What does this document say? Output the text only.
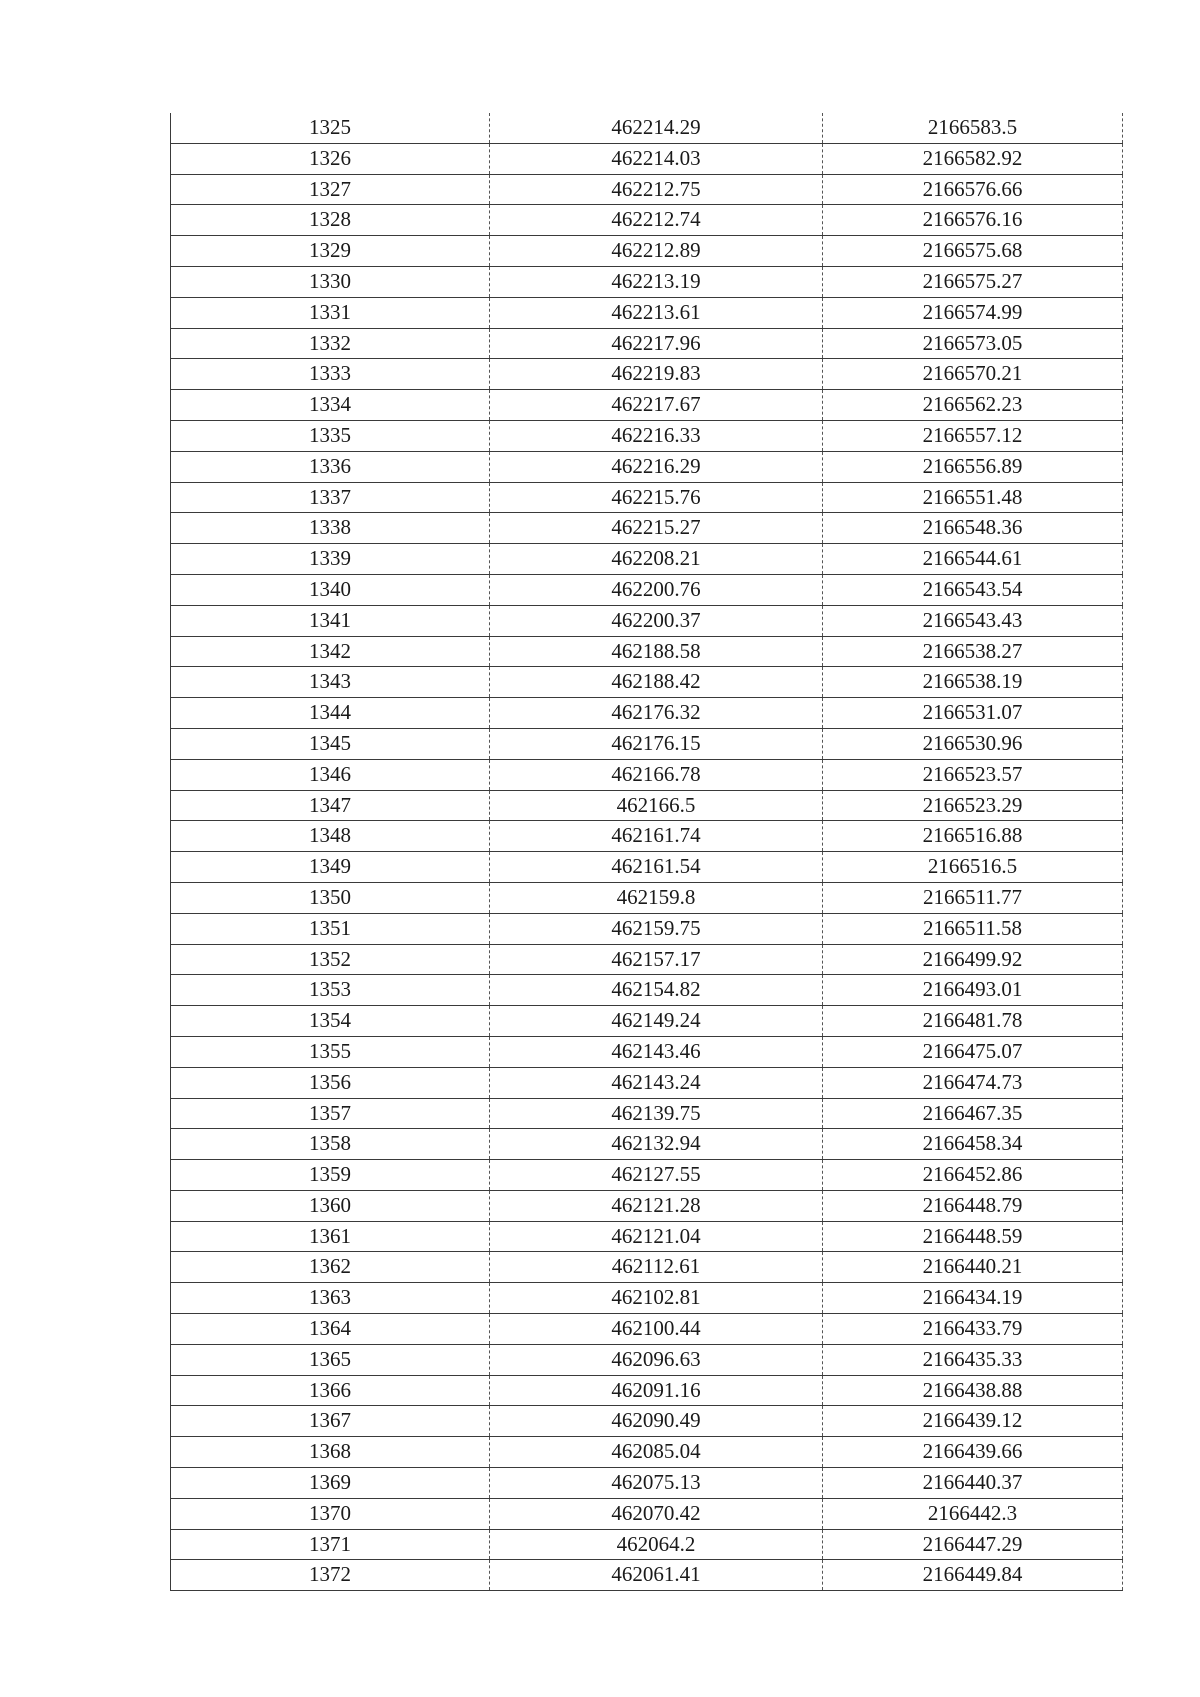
1325	462214.29	2166583.5
1326	462214.03	2166582.92
1327	462212.75	2166576.66
1328	462212.74	2166576.16
1329	462212.89	2166575.68
1330	462213.19	2166575.27
1331	462213.61	2166574.99
1332	462217.96	2166573.05
1333	462219.83	2166570.21
1334	462217.67	2166562.23
1335	462216.33	2166557.12
1336	462216.29	2166556.89
1337	462215.76	2166551.48
1338	462215.27	2166548.36
1339	462208.21	2166544.61
1340	462200.76	2166543.54
1341	462200.37	2166543.43
1342	462188.58	2166538.27
1343	462188.42	2166538.19
1344	462176.32	2166531.07
1345	462176.15	2166530.96
1346	462166.78	2166523.57
1347	462166.5	2166523.29
1348	462161.74	2166516.88
1349	462161.54	2166516.5
1350	462159.8	2166511.77
1351	462159.75	2166511.58
1352	462157.17	2166499.92
1353	462154.82	2166493.01
1354	462149.24	2166481.78
1355	462143.46	2166475.07
1356	462143.24	2166474.73
1357	462139.75	2166467.35
1358	462132.94	2166458.34
1359	462127.55	2166452.86
1360	462121.28	2166448.79
1361	462121.04	2166448.59
1362	462112.61	2166440.21
1363	462102.81	2166434.19
1364	462100.44	2166433.79
1365	462096.63	2166435.33
1366	462091.16	2166438.88
1367	462090.49	2166439.12
1368	462085.04	2166439.66
1369	462075.13	2166440.37
1370	462070.42	2166442.3
1371	462064.2	2166447.29
1372	462061.41	2166449.84
